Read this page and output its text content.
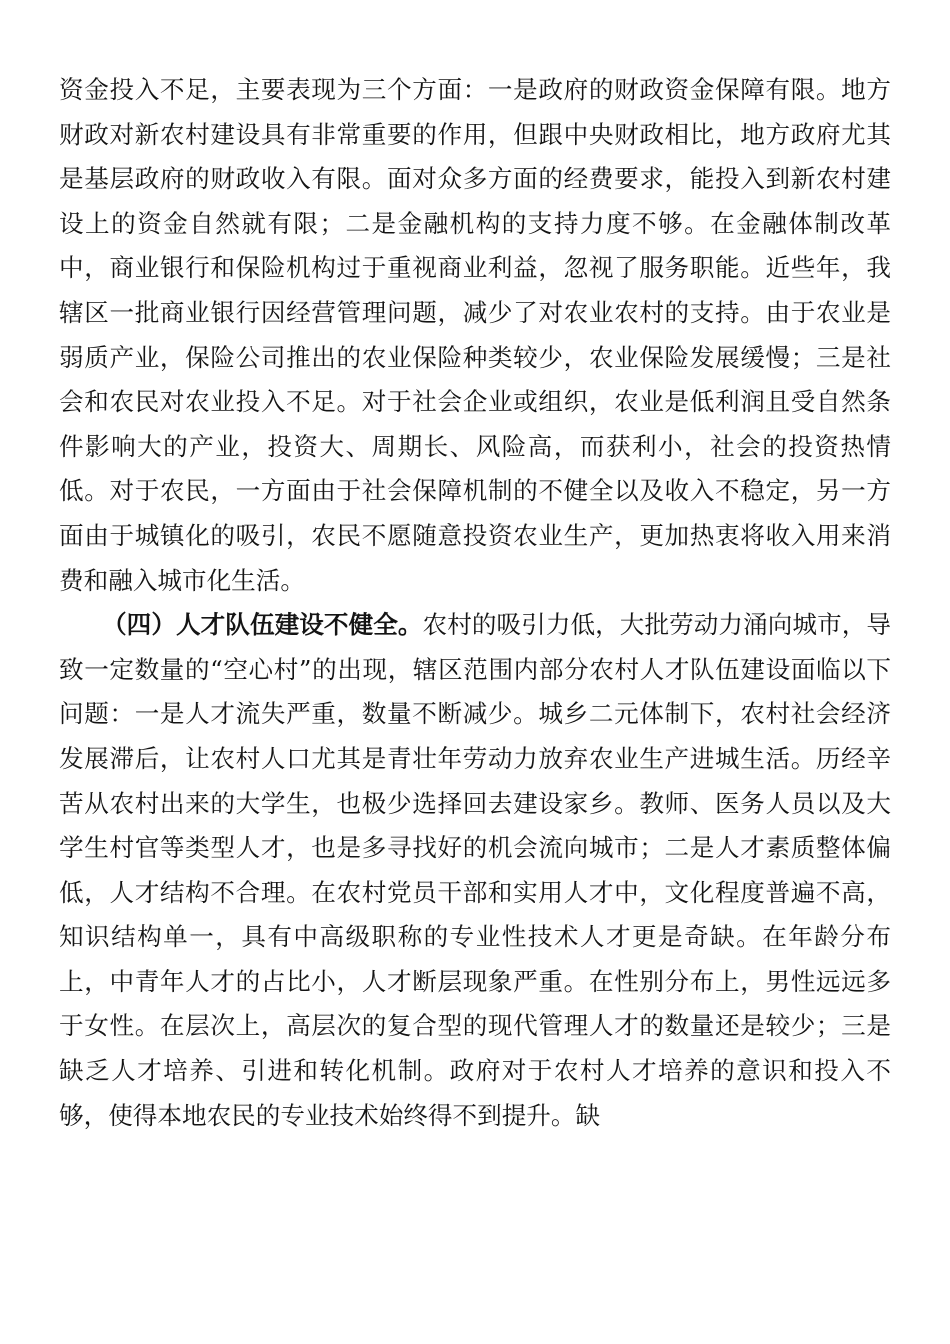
资金投入不足，主要表现为三个方面：一是政府的财政资金保障有限。地方财政对新农村建设具有非常重要的作用，但跟中央财政相比，地方政府尤其是基层政府的财政收入有限。面对众多方面的经费要求，能投入到新农村建设上的资金自然就有限；二是金融机构的支持力度不够。在金融体制改革中，商业银行和保险机构过于重视商业利益，忽视了服务职能。近些年，我辖区一批商业银行因经营管理问题，减少了对农业农村的支持。由于农业是弱质产业，保险公司推出的农业保险种类较少，农业保险发展缓慢；三是社会和农民对农业投入不足。对于社会企业或组织，农业是低利润且受自然条件影响大的产业，投资大、周期长、风险高，而获利小，社会的投资热情低。对于农民，一方面由于社会保障机制的不健全以及收入不稳定，另一方面由于城镇化的吸引，农民不愿随意投资农业生产，更加热衷将收入用来消费和融入城市化生活。

（四）人才队伍建设不健全。农村的吸引力低，大批劳动力涌向城市，导致一定数量的“空心村”的出现，辖区范围内部分农村人才队伍建设面临以下问题：一是人才流失严重，数量不断减少。城乡二元体制下，农村社会经济发展滞后，让农村人口尤其是青壮年劳动力放弃农业生产进城生活。历经辛苦从农村出来的大学生，也极少选择回去建设家乡。教师、医务人员以及大学生村官等类型人才，也是多寻找好的机会流向城市；二是人才素质整体偏低，人才结构不合理。在农村党员干部和实用人才中，文化程度普遍不高，知识结构单一，具有中高级职称的专业性技术人才更是奇缺。在年龄分布上，中青年人才的占比小，人才断层现象严重。在性别分布上，男性远远多于女性。在层次上，高层次的复合型的现代管理人才的数量还是较少；三是缺乏人才培养、引进和转化机制。政府对于农村人才培养的意识和投入不够，使得本地农民的专业技术始终得不到提升。缺
